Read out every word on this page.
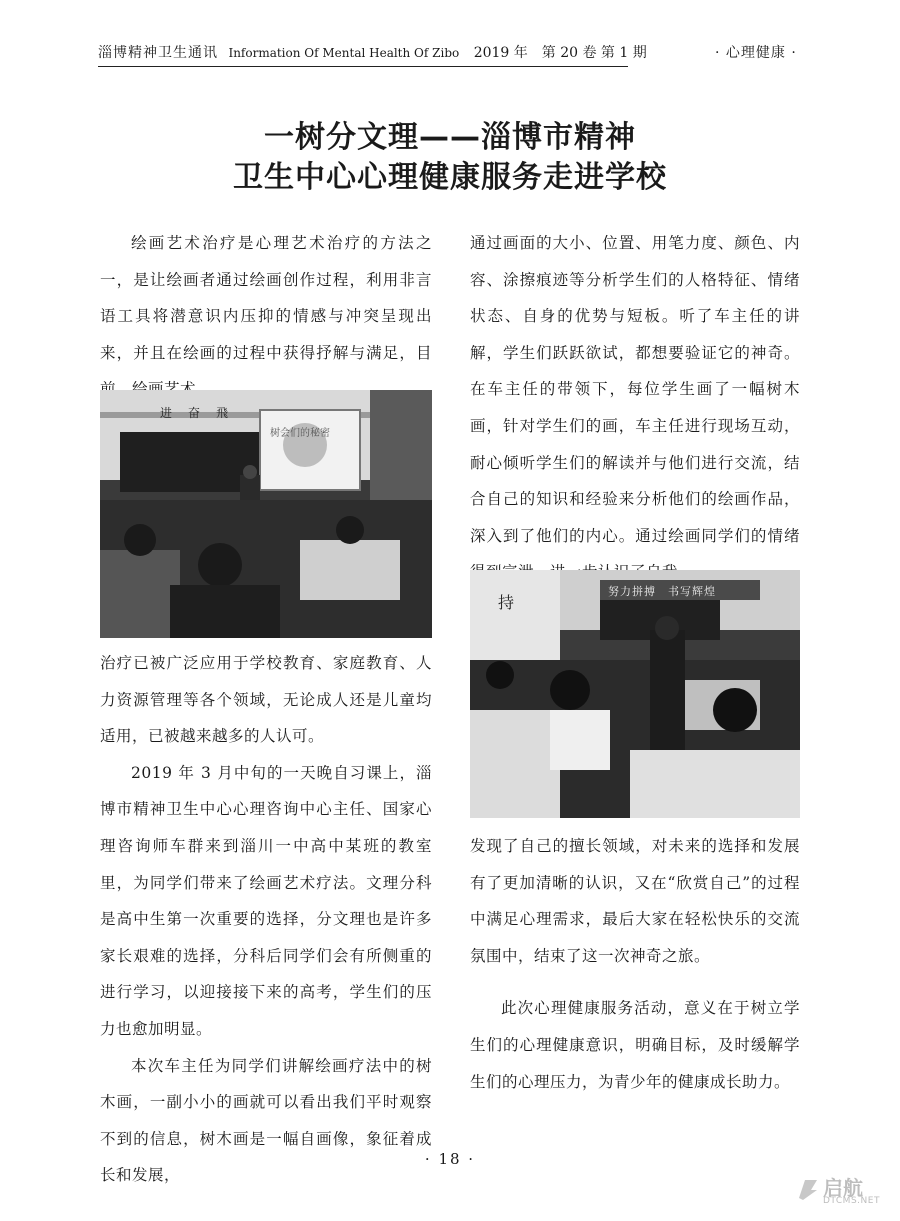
淄博精神卫生通讯 Information Of Mental Health Of Zibo 2019 年　第 20 卷 第 1 期	· 心理健康 ·
一树分文理——淄博市精神
卫生中心心理健康服务走进学校

绘画艺术治疗是心理艺术治疗的方法之一，是让绘画者通过绘画创作过程，利用非言语工具将潜意识内压抑的情感与冲突呈现出来，并且在绘画的过程中获得抒解与满足，目

进　奋　飛
树会们的秘密

治疗已被广泛应用于学校教育、家庭教育、人力资源管理等各个领域，无论成人还是儿童均适用，已被越来越多的人认可。

2019 年 3 月中旬的一天晚自习课上，淄博市精神卫生中心心理咨询中心主任、国家心理咨询师车群来到淄川一中高中某班的教室里，为同学们带来了绘画艺术疗法。文理分科是高中生第一次重要的选择，分文理也是许多家长艰难的选择，分科后同学们会有所侧重的进行学习，以迎接接下来的高考，学生们的压力也愈加明显。

本次车主任为同学们讲解绘画疗法中的树木画，一副小小的画就可以看出我们平时观察不到的信息，树木画是一幅自画像，象征着成长和发展，

通过画面的大小、位置、用笔力度、颜色、内容、涂擦痕迹等分析学生们的人格特征、情绪状态、自身的优势与短板。听了车主任的讲解，学生们跃跃欲试，都想要验证它的神奇。在车主任的带领下，每位学生画了一幅树木画，针对学生们的画，车主任进行现场互动，耐心倾听学生们的解读并与他们进行交流，结合自己的知识和经验来分析他们的绘画作品，深入到了他们的内心。通过绘画同学们的情绪

努力拼搏　书写辉煌
持

发现了自己的擅长领域，对未来的选择和发展有了更加清晰的认识，又在“欣赏自己”的过程中满足心理需求，最后大家在轻松快乐的交流氛围中，结束了这一次神奇之旅。

此次心理健康服务活动，意义在于树立学生们的心理健康意识，明确目标，及时缓解学生们的心理压力，为青少年的健康成长助力。

· 18 ·
启航
DTCMS.NET
